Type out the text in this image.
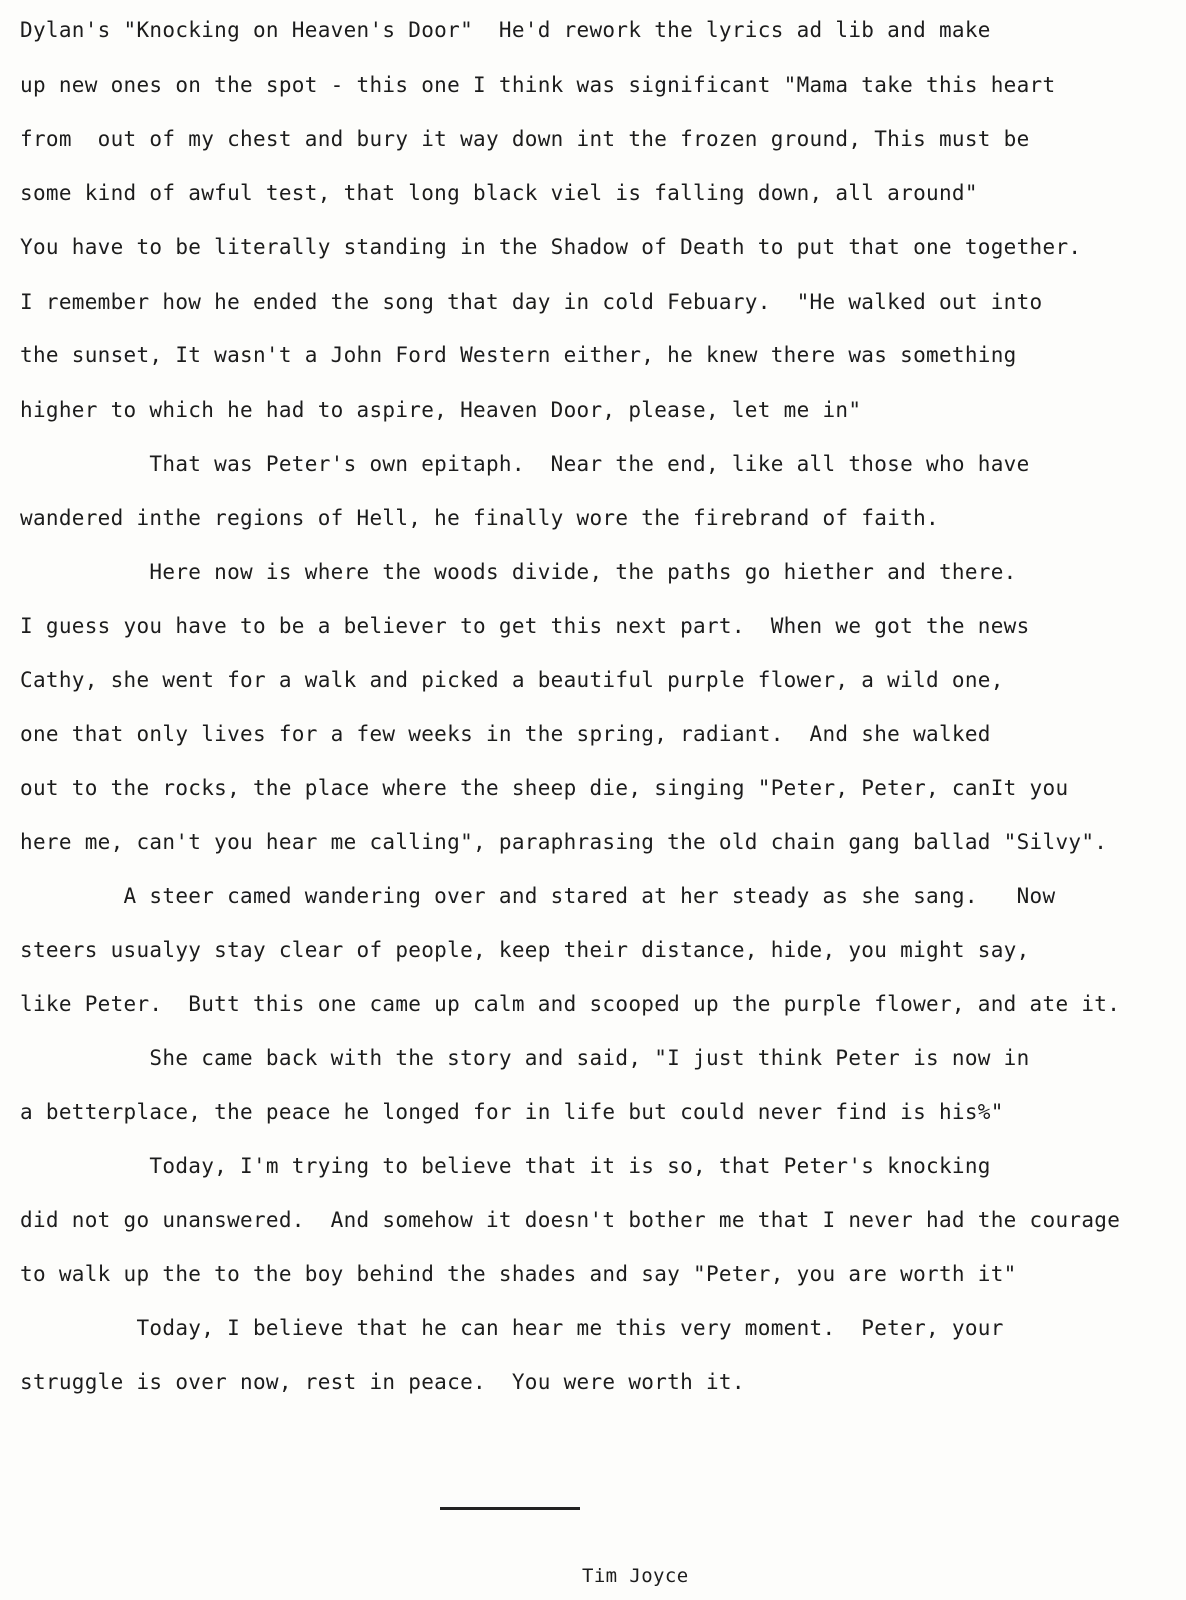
Dylan's "Knocking on Heaven's Door"  He'd rework the lyrics ad lib and make
up new ones on the spot - this one I think was significant "Mama take this heart
from  out of my chest and bury it way down int the frozen ground, This must be
some kind of awful test, that long black viel is falling down, all around"
You have to be literally standing in the Shadow of Death to put that one together.
I remember how he ended the song that day in cold Febuary.  "He walked out into
the sunset, It wasn't a John Ford Western either, he knew there was something
higher to which he had to aspire, Heaven Door, please, let me in"
That was Peter's own epitaph.  Near the end, like all those who have
wandered inthe regions of Hell, he finally wore the firebrand of faith.
Here now is where the woods divide, the paths go hiether and there.
I guess you have to be a believer to get this next part.  When we got the news
Cathy, she went for a walk and picked a beautiful purple flower, a wild one,
one that only lives for a few weeks in the spring, radiant.  And she walked
out to the rocks, the place where the sheep die, singing "Peter, Peter, canIt you
here me, can't you hear me calling", paraphrasing the old chain gang ballad "Silvy".
A steer camed wandering over and stared at her steady as she sang.   Now
steers usualyy stay clear of people, keep their distance, hide, you might say,
like Peter.  Butt this one came up calm and scooped up the purple flower, and ate it.
She came back with the story and said, "I just think Peter is now in
a betterplace, the peace he longed for in life but could never find is his%"
Today, I'm trying to believe that it is so, that Peter's knocking
did not go unanswered.  And somehow it doesn't bother me that I never had the courage
to walk up the to the boy behind the shades and say "Peter, you are worth it"
Today, I believe that he can hear me this very moment.  Peter, your
struggle is over now, rest in peace.  You were worth it.
Tim Joyce
